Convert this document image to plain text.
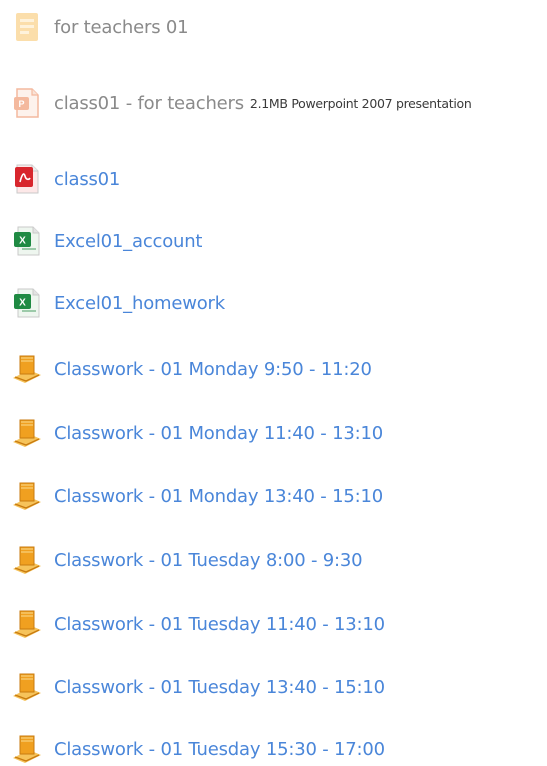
for teachers 01
P class01 - for teachers 2.1MB Powerpoint 2007 presentation
class01
X Excel01_account
X Excel01_homework
Classwork - 01 Monday 9:50 - 11:20
Classwork - 01 Monday 11:40 - 13:10
Classwork - 01 Monday 13:40 - 15:10
Classwork - 01 Tuesday 8:00 - 9:30
Classwork - 01 Tuesday 11:40 - 13:10
Classwork - 01 Tuesday 13:40 - 15:10
Classwork - 01 Tuesday 15:30 - 17:00
